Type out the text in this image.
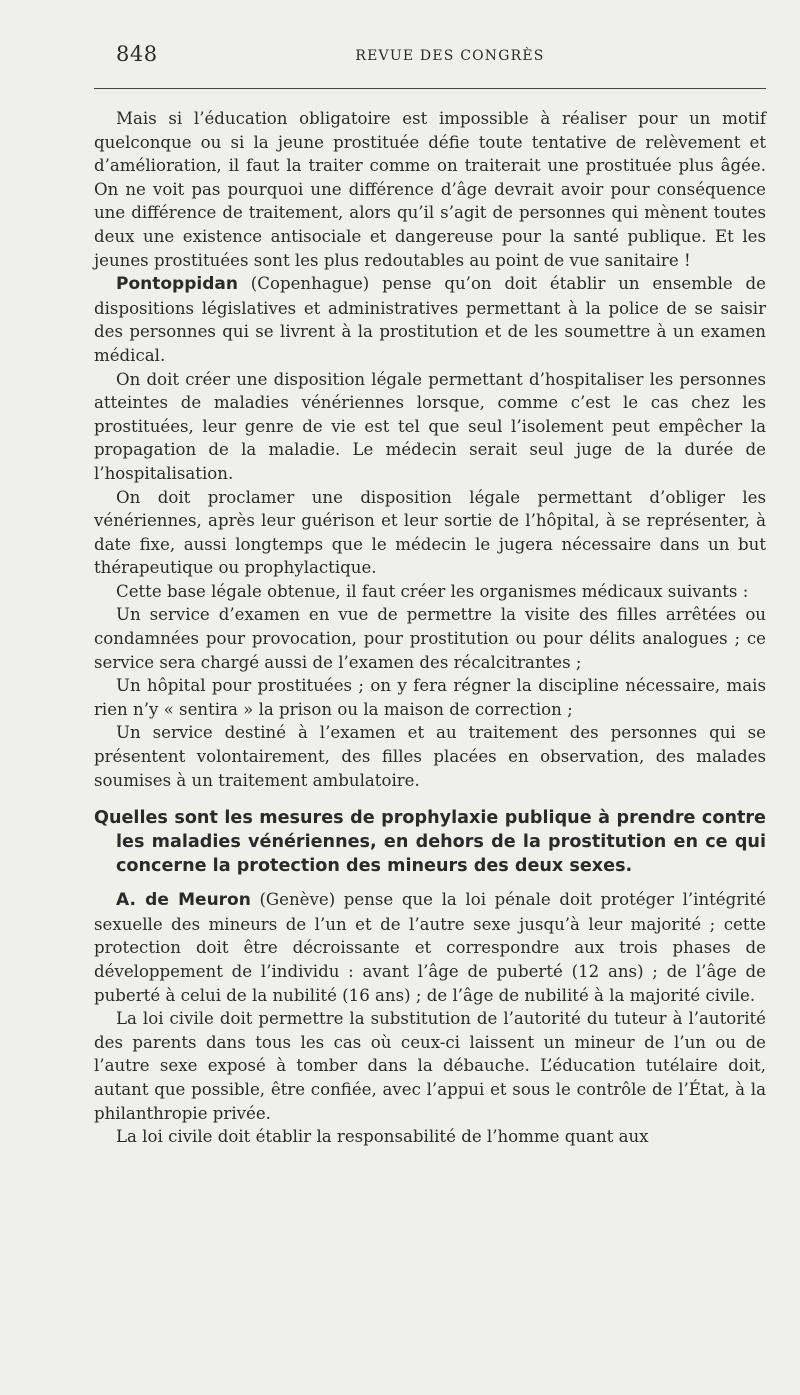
848	REVUE DES CONGRÈS

Mais si l’éducation obligatoire est impossible à réaliser pour un motif quelconque ou si la jeune prostituée défie toute tentative de relèvement et d’amélioration, il faut la traiter comme on traiterait une prostituée plus âgée. On ne voit pas pourquoi une différence d’âge devrait avoir pour conséquence une différence de traitement, alors qu’il s’agit de personnes qui mènent toutes deux une existence antisociale et dangereuse pour la santé publique. Et les jeunes prostituées sont les plus redoutables au point de vue sanitaire !

Pontoppidan (Copenhague) pense qu’on doit établir un ensemble de dispositions législatives et administratives permettant à la police de se saisir des personnes qui se livrent à la prostitution et de les soumettre à un examen médical.

On doit créer une disposition légale permettant d’hospitaliser les personnes atteintes de maladies vénériennes lorsque, comme c’est le cas chez les prostituées, leur genre de vie est tel que seul l’isolement peut empêcher la propagation de la maladie. Le médecin serait seul juge de la durée de l’hospitalisation.

On doit proclamer une disposition légale permettant d’obliger les vénériennes, après leur guérison et leur sortie de l’hôpital, à se représenter, à date fixe, aussi longtemps que le médecin le jugera nécessaire dans un but thérapeutique ou prophylactique.

Cette base légale obtenue, il faut créer les organismes médicaux suivants :

Un service d’examen en vue de permettre la visite des filles arrêtées ou condamnées pour provocation, pour prostitution ou pour délits analogues ; ce service sera chargé aussi de l’examen des récalcitrantes ;

Un hôpital pour prostituées ; on y fera régner la discipline nécessaire, mais rien n’y « sentira » la prison ou la maison de correction ;

Un service destiné à l’examen et au traitement des personnes qui se présentent volontairement, des filles placées en observation, des malades soumises à un traitement ambulatoire.

Quelles sont les mesures de prophylaxie publique à prendre contre les maladies vénériennes, en dehors de la prostitution en ce qui concerne la protection des mineurs des deux sexes.

A. de Meuron (Genève) pense que la loi pénale doit protéger l’intégrité sexuelle des mineurs de l’un et de l’autre sexe jusqu’à leur majorité ; cette protection doit être décroissante et correspondre aux trois phases de développement de l’individu : avant l’âge de puberté (12 ans) ; de l’âge de puberté à celui de la nubilité (16 ans) ; de l’âge de nubilité à la majorité civile.

La loi civile doit permettre la substitution de l’autorité du tuteur à l’autorité des parents dans tous les cas où ceux-ci laissent un mineur de l’un ou de l’autre sexe exposé à tomber dans la débauche. L’éducation tutélaire doit, autant que possible, être confiée, avec l’appui et sous le contrôle de l’État, à la philanthropie privée.

La loi civile doit établir la responsabilité de l’homme quant aux
